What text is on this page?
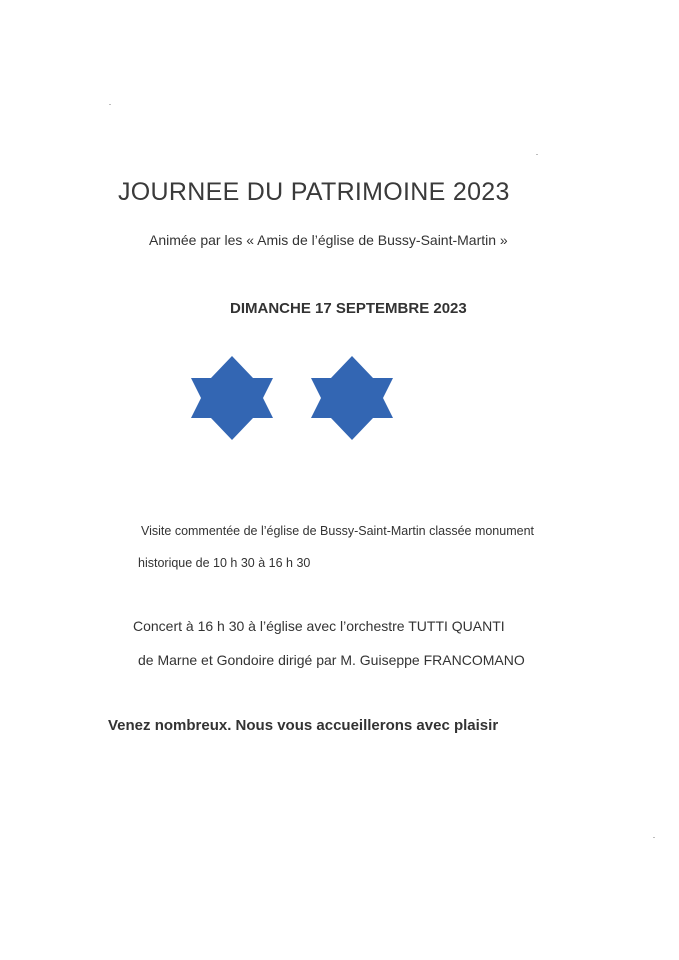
JOURNEE DU PATRIMOINE 2023
Animée par les « Amis de l’église de Bussy-Saint-Martin »
DIMANCHE 17 SEPTEMBRE 2023
Visite commentée de l’église de Bussy-Saint-Martin classée monument
historique de 10 h 30 à 16 h 30
Concert à 16 h 30 à l’église avec l’orchestre TUTTI QUANTI
de Marne et Gondoire dirigé par M. Guiseppe FRANCOMANO
Venez nombreux. Nous vous accueillerons avec plaisir
